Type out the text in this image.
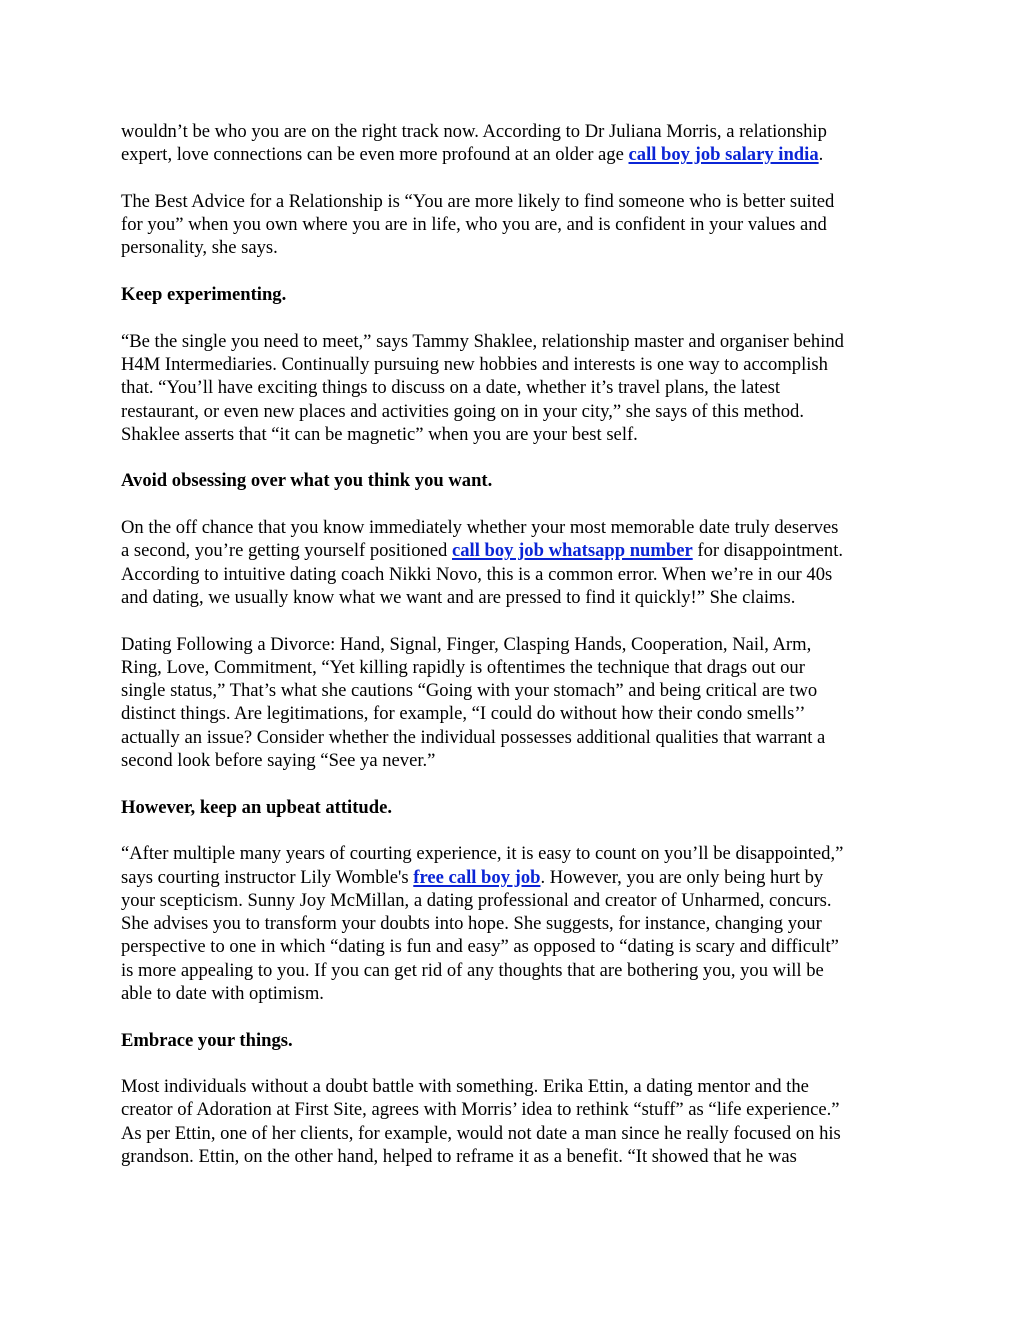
wouldn’t be who you are on the right track now. According to Dr Juliana Morris, a relationship
expert, love connections can be even more profound at an older age call boy job salary india.

The Best Advice for a Relationship is “You are more likely to find someone who is better suited
for you” when you own where you are in life, who you are, and is confident in your values and
personality, she says.

Keep experimenting.

“Be the single you need to meet,” says Tammy Shaklee, relationship master and organiser behind
H4M Intermediaries. Continually pursuing new hobbies and interests is one way to accomplish
that. “You’ll have exciting things to discuss on a date, whether it’s travel plans, the latest
restaurant, or even new places and activities going on in your city,” she says of this method.
Shaklee asserts that “it can be magnetic” when you are your best self.

Avoid obsessing over what you think you want.

On the off chance that you know immediately whether your most memorable date truly deserves
a second, you’re getting yourself positioned call boy job whatsapp number for disappointment.
According to intuitive dating coach Nikki Novo, this is a common error. When we’re in our 40s
and dating, we usually know what we want and are pressed to find it quickly!” She claims.

Dating Following a Divorce: Hand, Signal, Finger, Clasping Hands, Cooperation, Nail, Arm,
Ring, Love, Commitment, “Yet killing rapidly is oftentimes the technique that drags out our
single status,” That’s what she cautions “Going with your stomach” and being critical are two
distinct things. Are legitimations, for example, “I could do without how their condo smells’’
actually an issue? Consider whether the individual possesses additional qualities that warrant a
second look before saying “See ya never.”

However, keep an upbeat attitude.

“After multiple many years of courting experience, it is easy to count on you’ll be disappointed,”
says courting instructor Lily Womble's free call boy job. However, you are only being hurt by
your scepticism. Sunny Joy McMillan, a dating professional and creator of Unharmed, concurs.
She advises you to transform your doubts into hope. She suggests, for instance, changing your
perspective to one in which “dating is fun and easy” as opposed to “dating is scary and difficult”
is more appealing to you. If you can get rid of any thoughts that are bothering you, you will be
able to date with optimism.

Embrace your things.

Most individuals without a doubt battle with something. Erika Ettin, a dating mentor and the
creator of Adoration at First Site, agrees with Morris’ idea to rethink “stuff” as “life experience.”
As per Ettin, one of her clients, for example, would not date a man since he really focused on his
grandson. Ettin, on the other hand, helped to reframe it as a benefit. “It showed that he was
